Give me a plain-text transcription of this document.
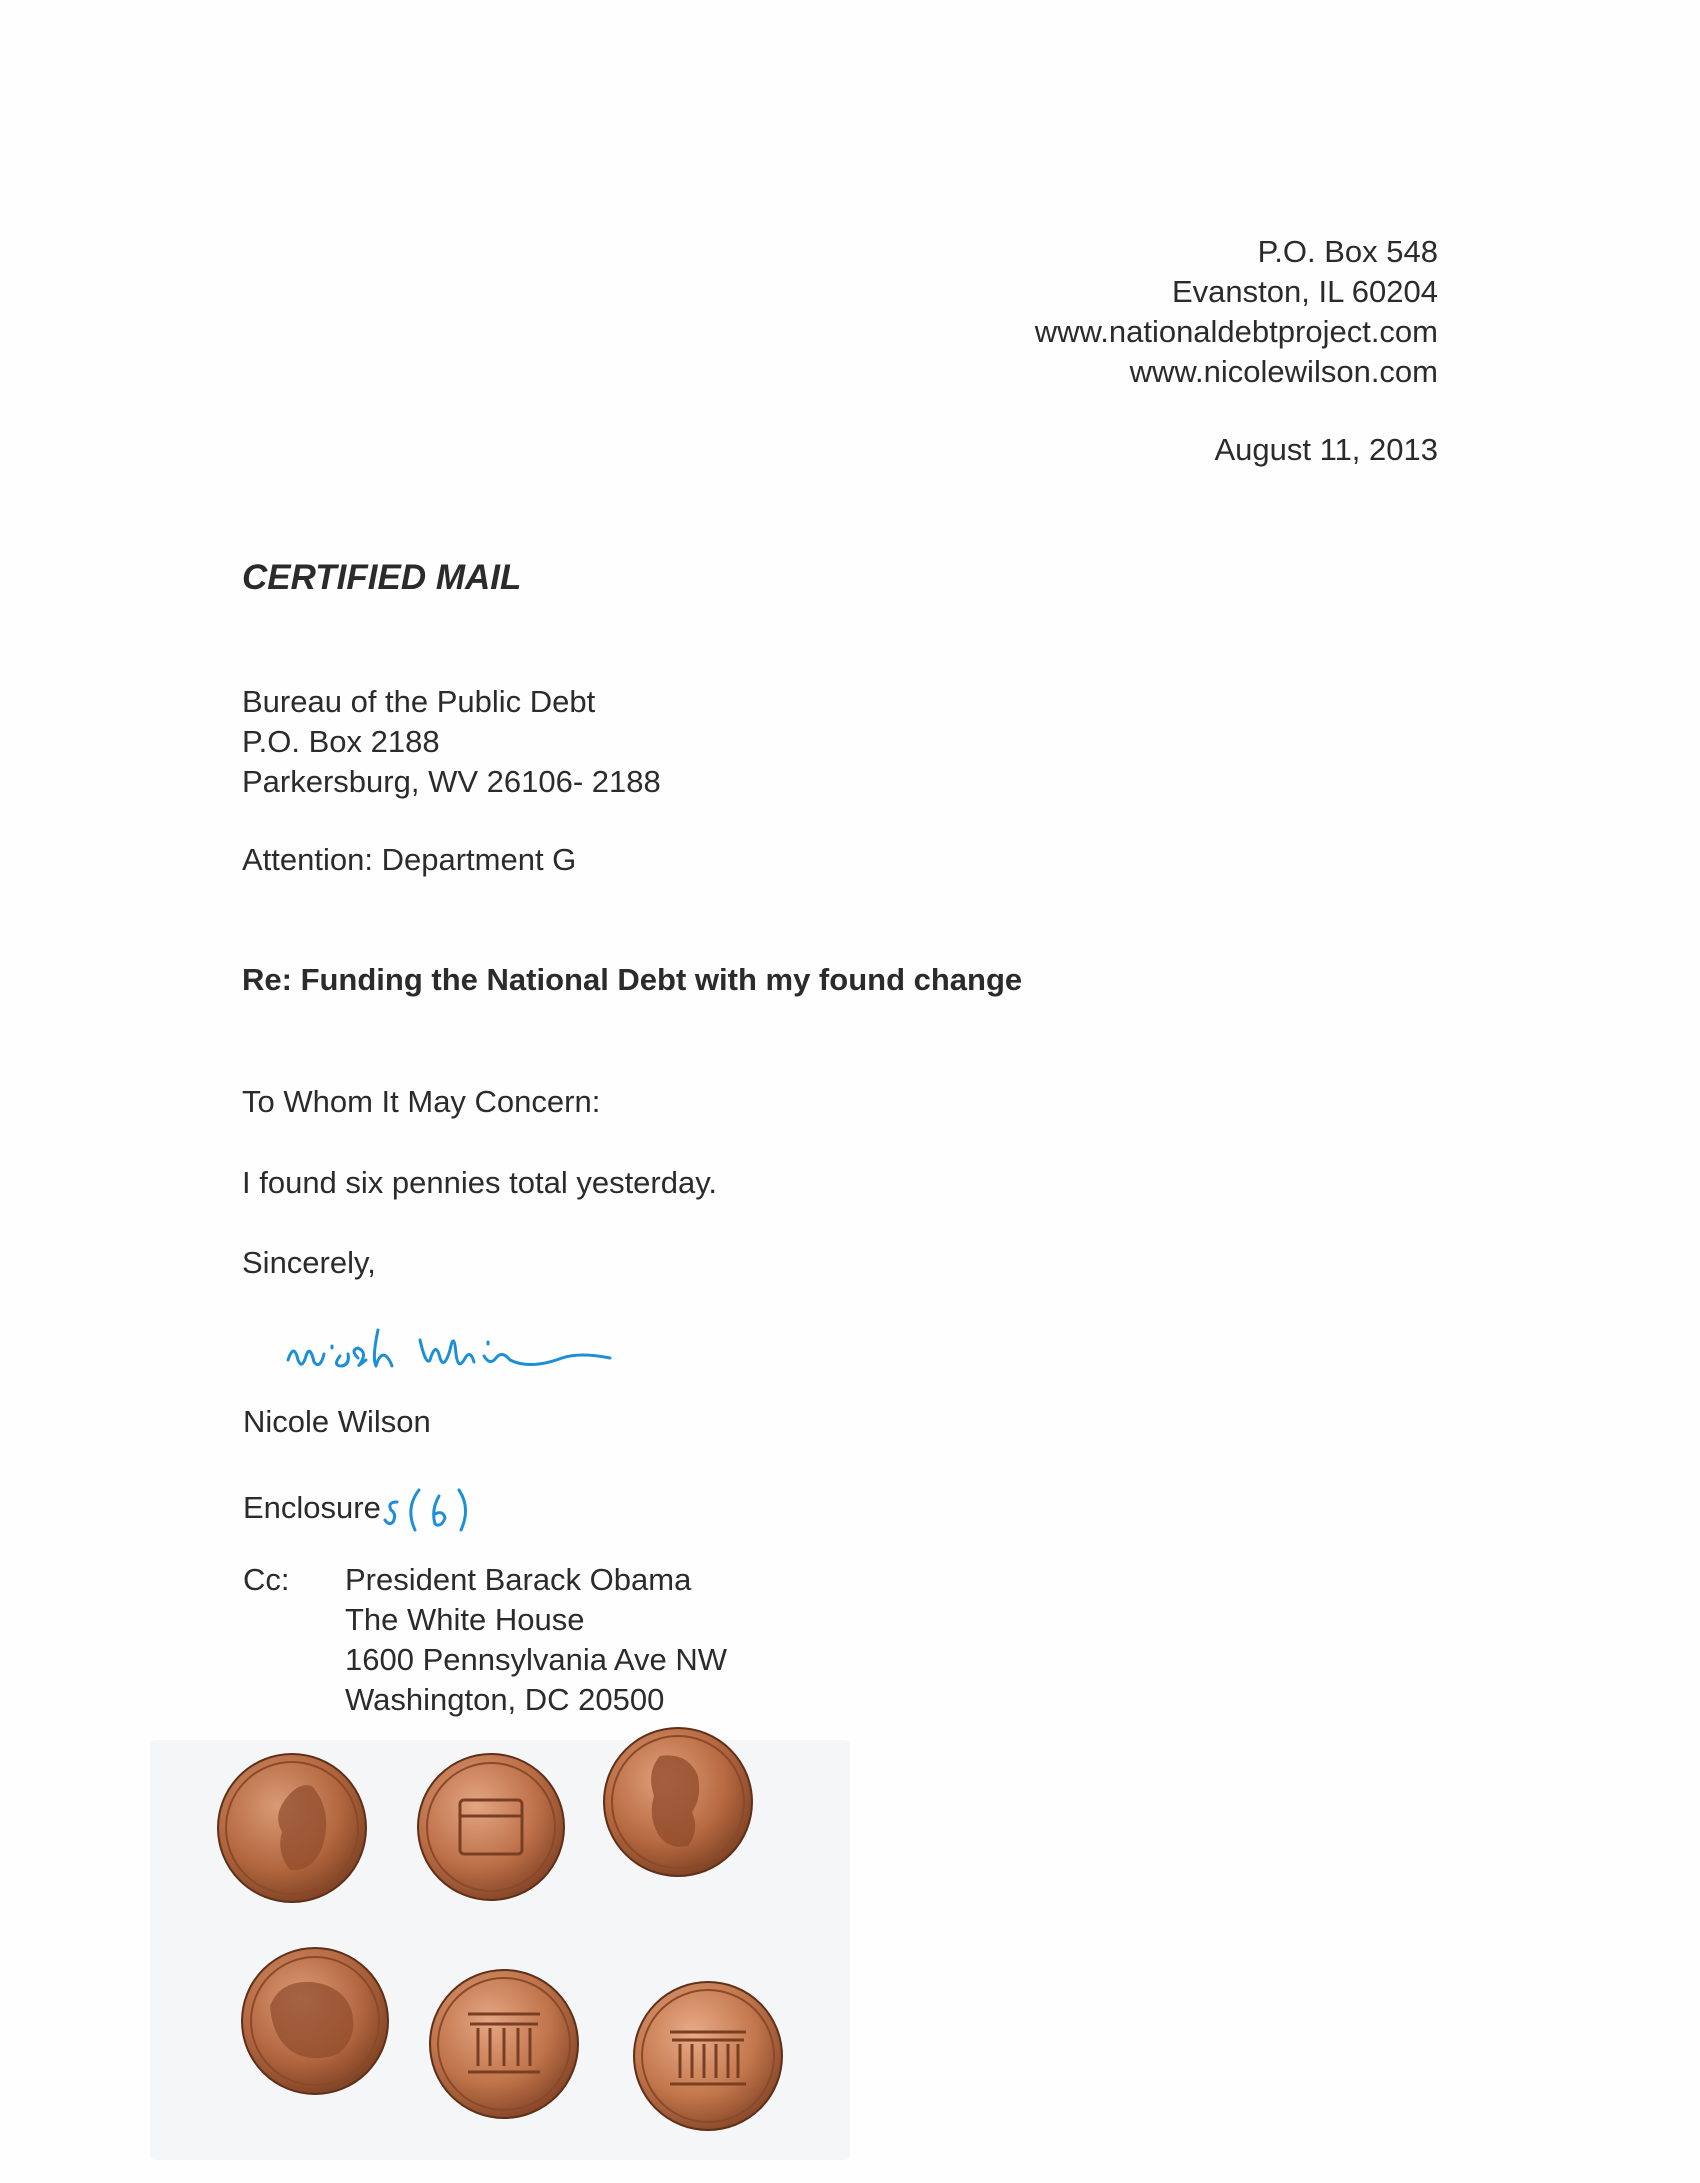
P.O. Box 548
Evanston, IL 60204
www.nationaldebtproject.com
www.nicolewilson.com
August 11, 2013
CERTIFIED MAIL
Bureau of the Public Debt
P.O. Box 2188
Parkersburg, WV 26106- 2188
Attention: Department G
Re: Funding the National Debt with my found change
To Whom It May Concern:
I found six pennies total yesterday.
Sincerely,
Nicole Wilson
Enclosure
Cc:	President Barack Obama
The White House
1600 Pennsylvania Ave NW
Washington, DC 20500
